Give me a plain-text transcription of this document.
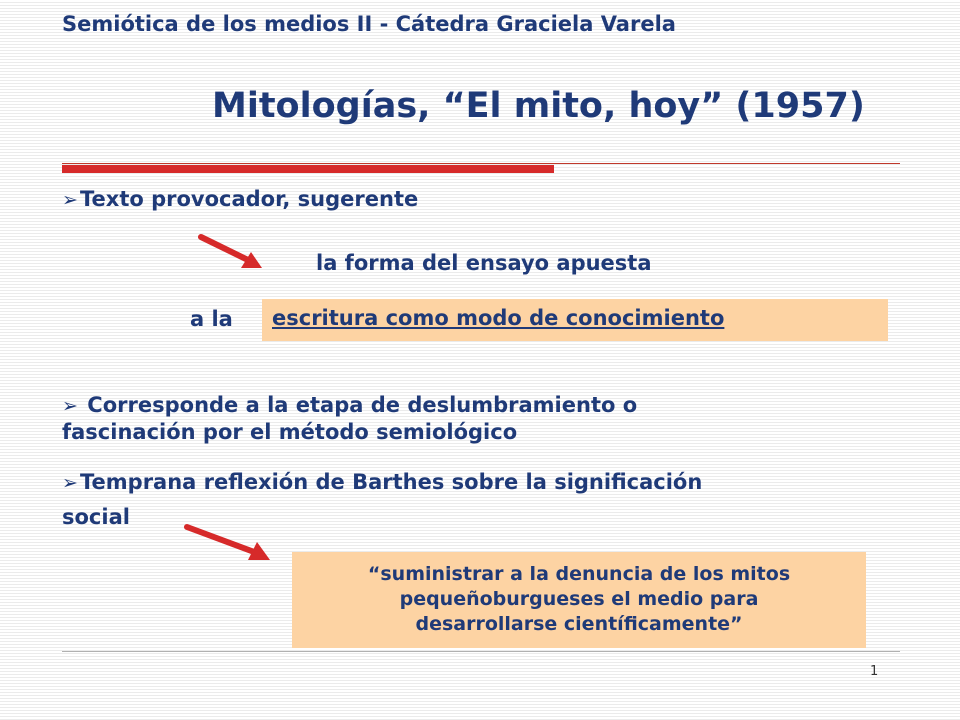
Semiótica de los medios II - Cátedra Graciela Varela
Mitologías, “El mito, hoy” (1957)
➢Texto provocador, sugerente
la forma del ensayo apuesta
a la escritura como modo de conocimiento
➢ Corresponde a la etapa de deslumbramiento o
fascinación por el método semiológico
➢Temprana reflexión de Barthes sobre la significación
social
“suministrar a la denuncia de los mitos
pequeñoburgueses el medio para
desarrollarse científicamente”
1
